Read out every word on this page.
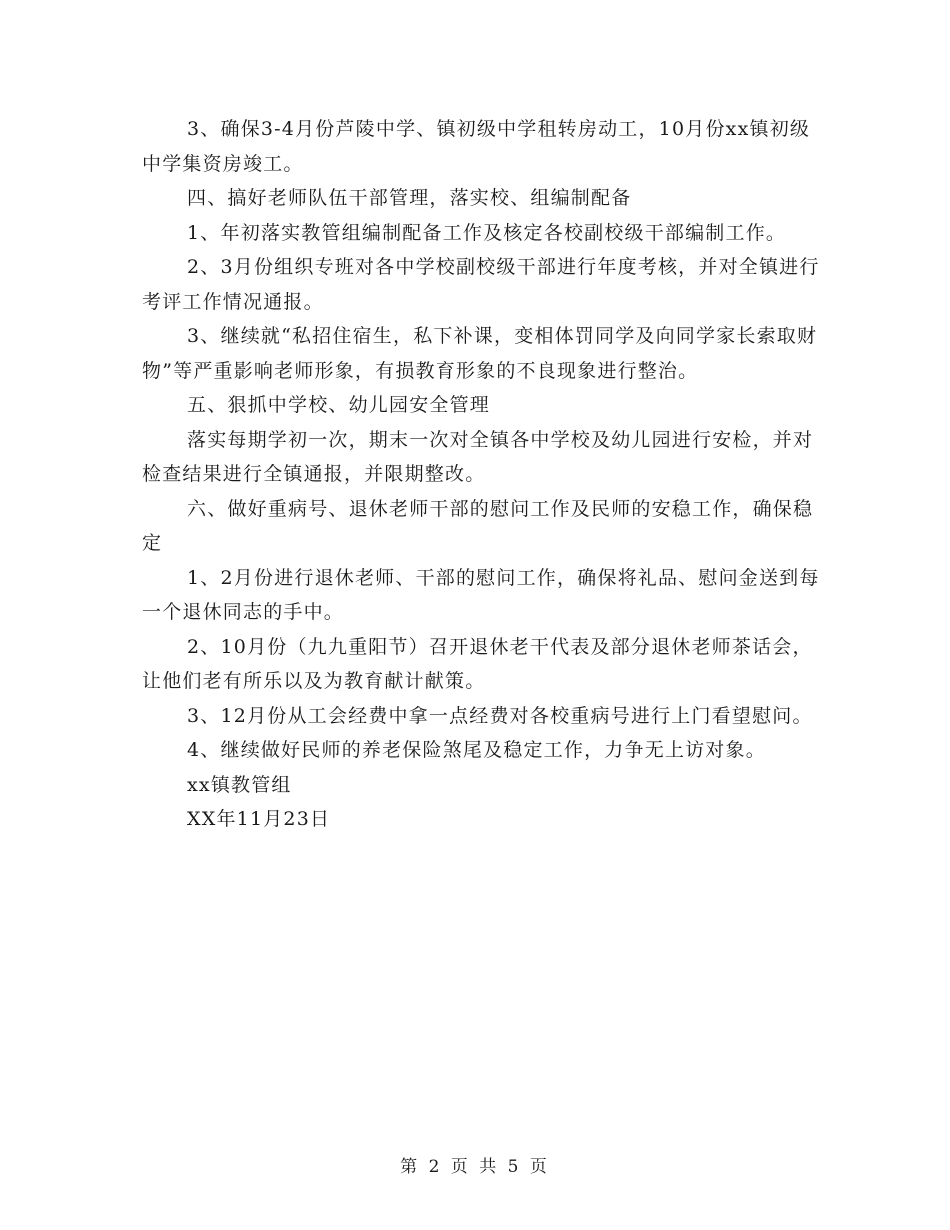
3、确保3-4月份芦陵中学、镇初级中学租转房动工，10月份xx镇初级中学集资房竣工。

四、搞好老师队伍干部管理，落实校、组编制配备

1、年初落实教管组编制配备工作及核定各校副校级干部编制工作。

2、3月份组织专班对各中学校副校级干部进行年度考核，并对全镇进行考评工作情况通报。

3、继续就“私招住宿生，私下补课，变相体罚同学及向同学家长索取财物”等严重影响老师形象，有损教育形象的不良现象进行整治。

五、狠抓中学校、幼儿园安全管理

落实每期学初一次，期末一次对全镇各中学校及幼儿园进行安检，并对检查结果进行全镇通报，并限期整改。

六、做好重病号、退休老师干部的慰问工作及民师的安稳工作，确保稳定

1、2月份进行退休老师、干部的慰问工作，确保将礼品、慰问金送到每一个退休同志的手中。

2、10月份（九九重阳节）召开退休老干代表及部分退休老师茶话会，让他们老有所乐以及为教育献计献策。

3、12月份从工会经费中拿一点经费对各校重病号进行上门看望慰问。

4、继续做好民师的养老保险煞尾及稳定工作，力争无上访对象。

xx镇教管组

XX年11月23日

第 2 页 共 5 页
